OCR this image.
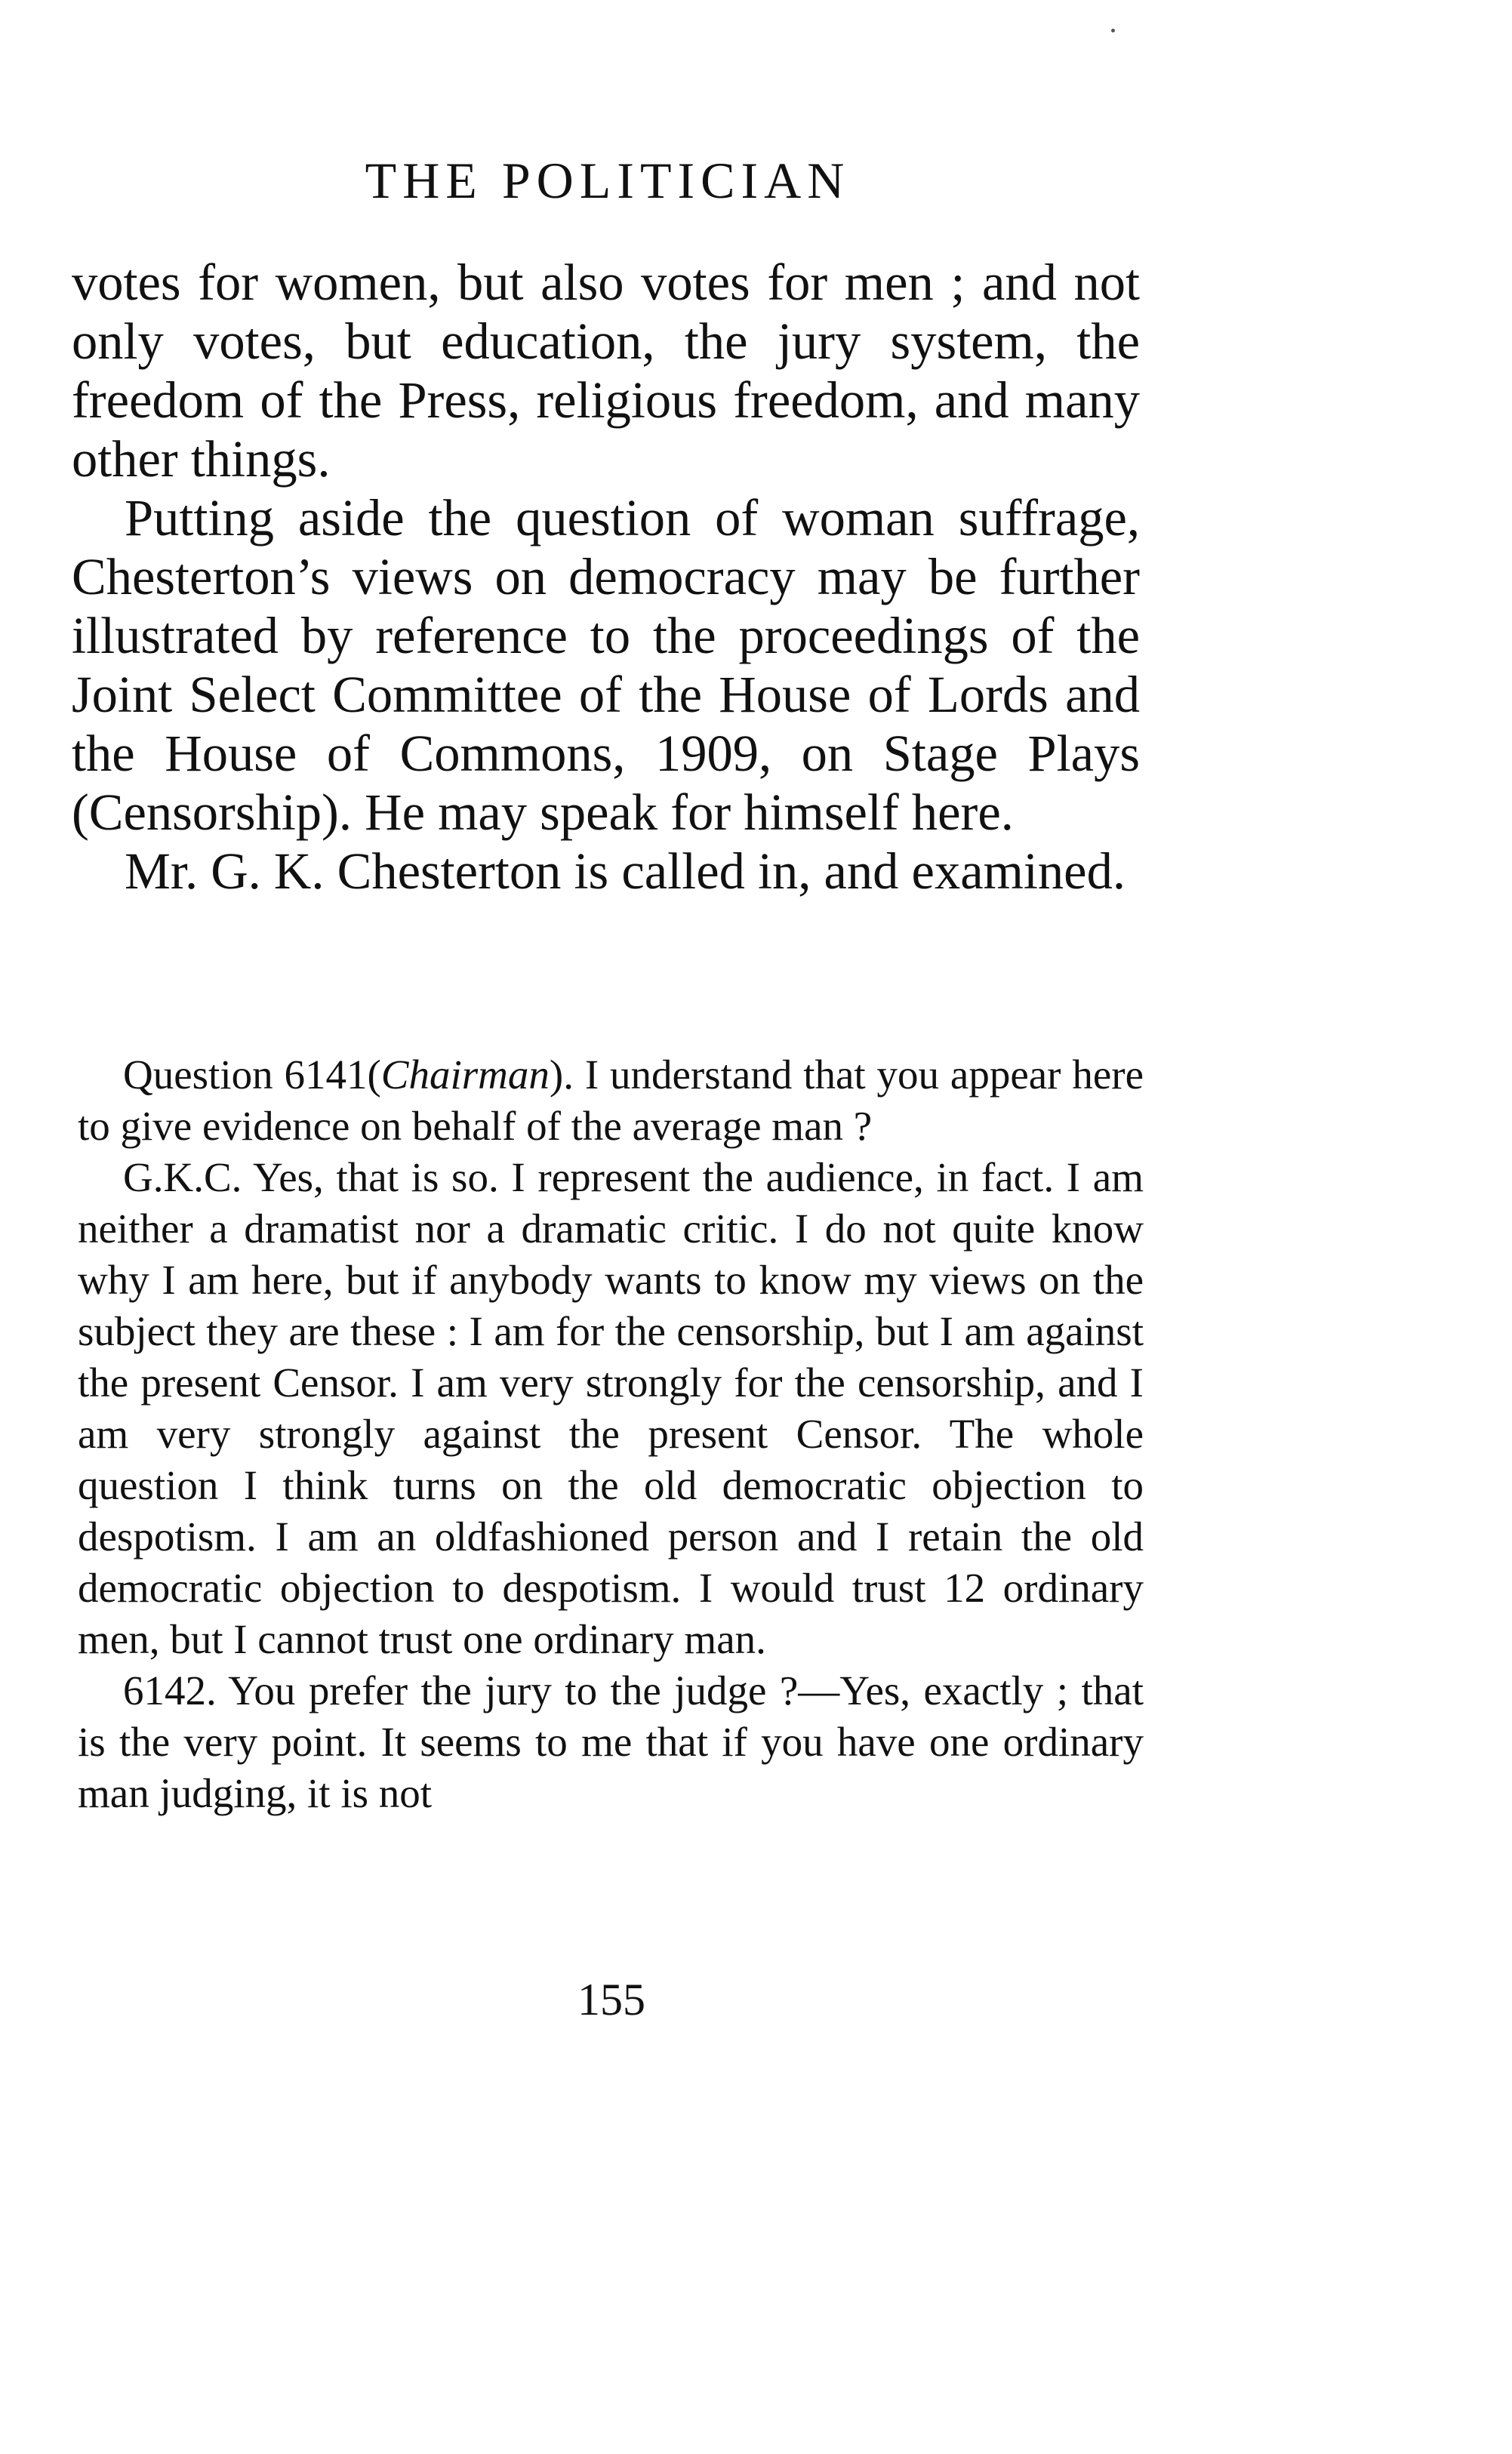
THE POLITICIAN

votes for women, but also votes for men ; and not only votes, but education, the jury system, the freedom of the Press, religious freedom, and many other things.

Putting aside the question of woman suffrage, Chesterton’s views on democracy may be further illustrated by reference to the proceedings of the Joint Select Committee of the House of Lords and the House of Commons, 1909, on Stage Plays (Censorship). He may speak for himself here.

Mr. G. K. Chesterton is called in, and examined.

Question 6141(Chairman). I understand that you appear here to give evidence on behalf of the average man ?

G.K.C. Yes, that is so. I represent the audience, in fact. I am neither a dramatist nor a dramatic critic. I do not quite know why I am here, but if anybody wants to know my views on the subject they are these : I am for the censorship, but I am against the present Censor. I am very strongly for the censorship, and I am very strongly against the present Censor. The whole question I think turns on the old democratic objection to despotism. I am an oldfashioned person and I retain the old democratic objection to despotism. I would trust 12 ordinary men, but I cannot trust one ordinary man.

6142. You prefer the jury to the judge ?—Yes, exactly ; that is the very point. It seems to me that if you have one ordinary man judging, it is not

155
